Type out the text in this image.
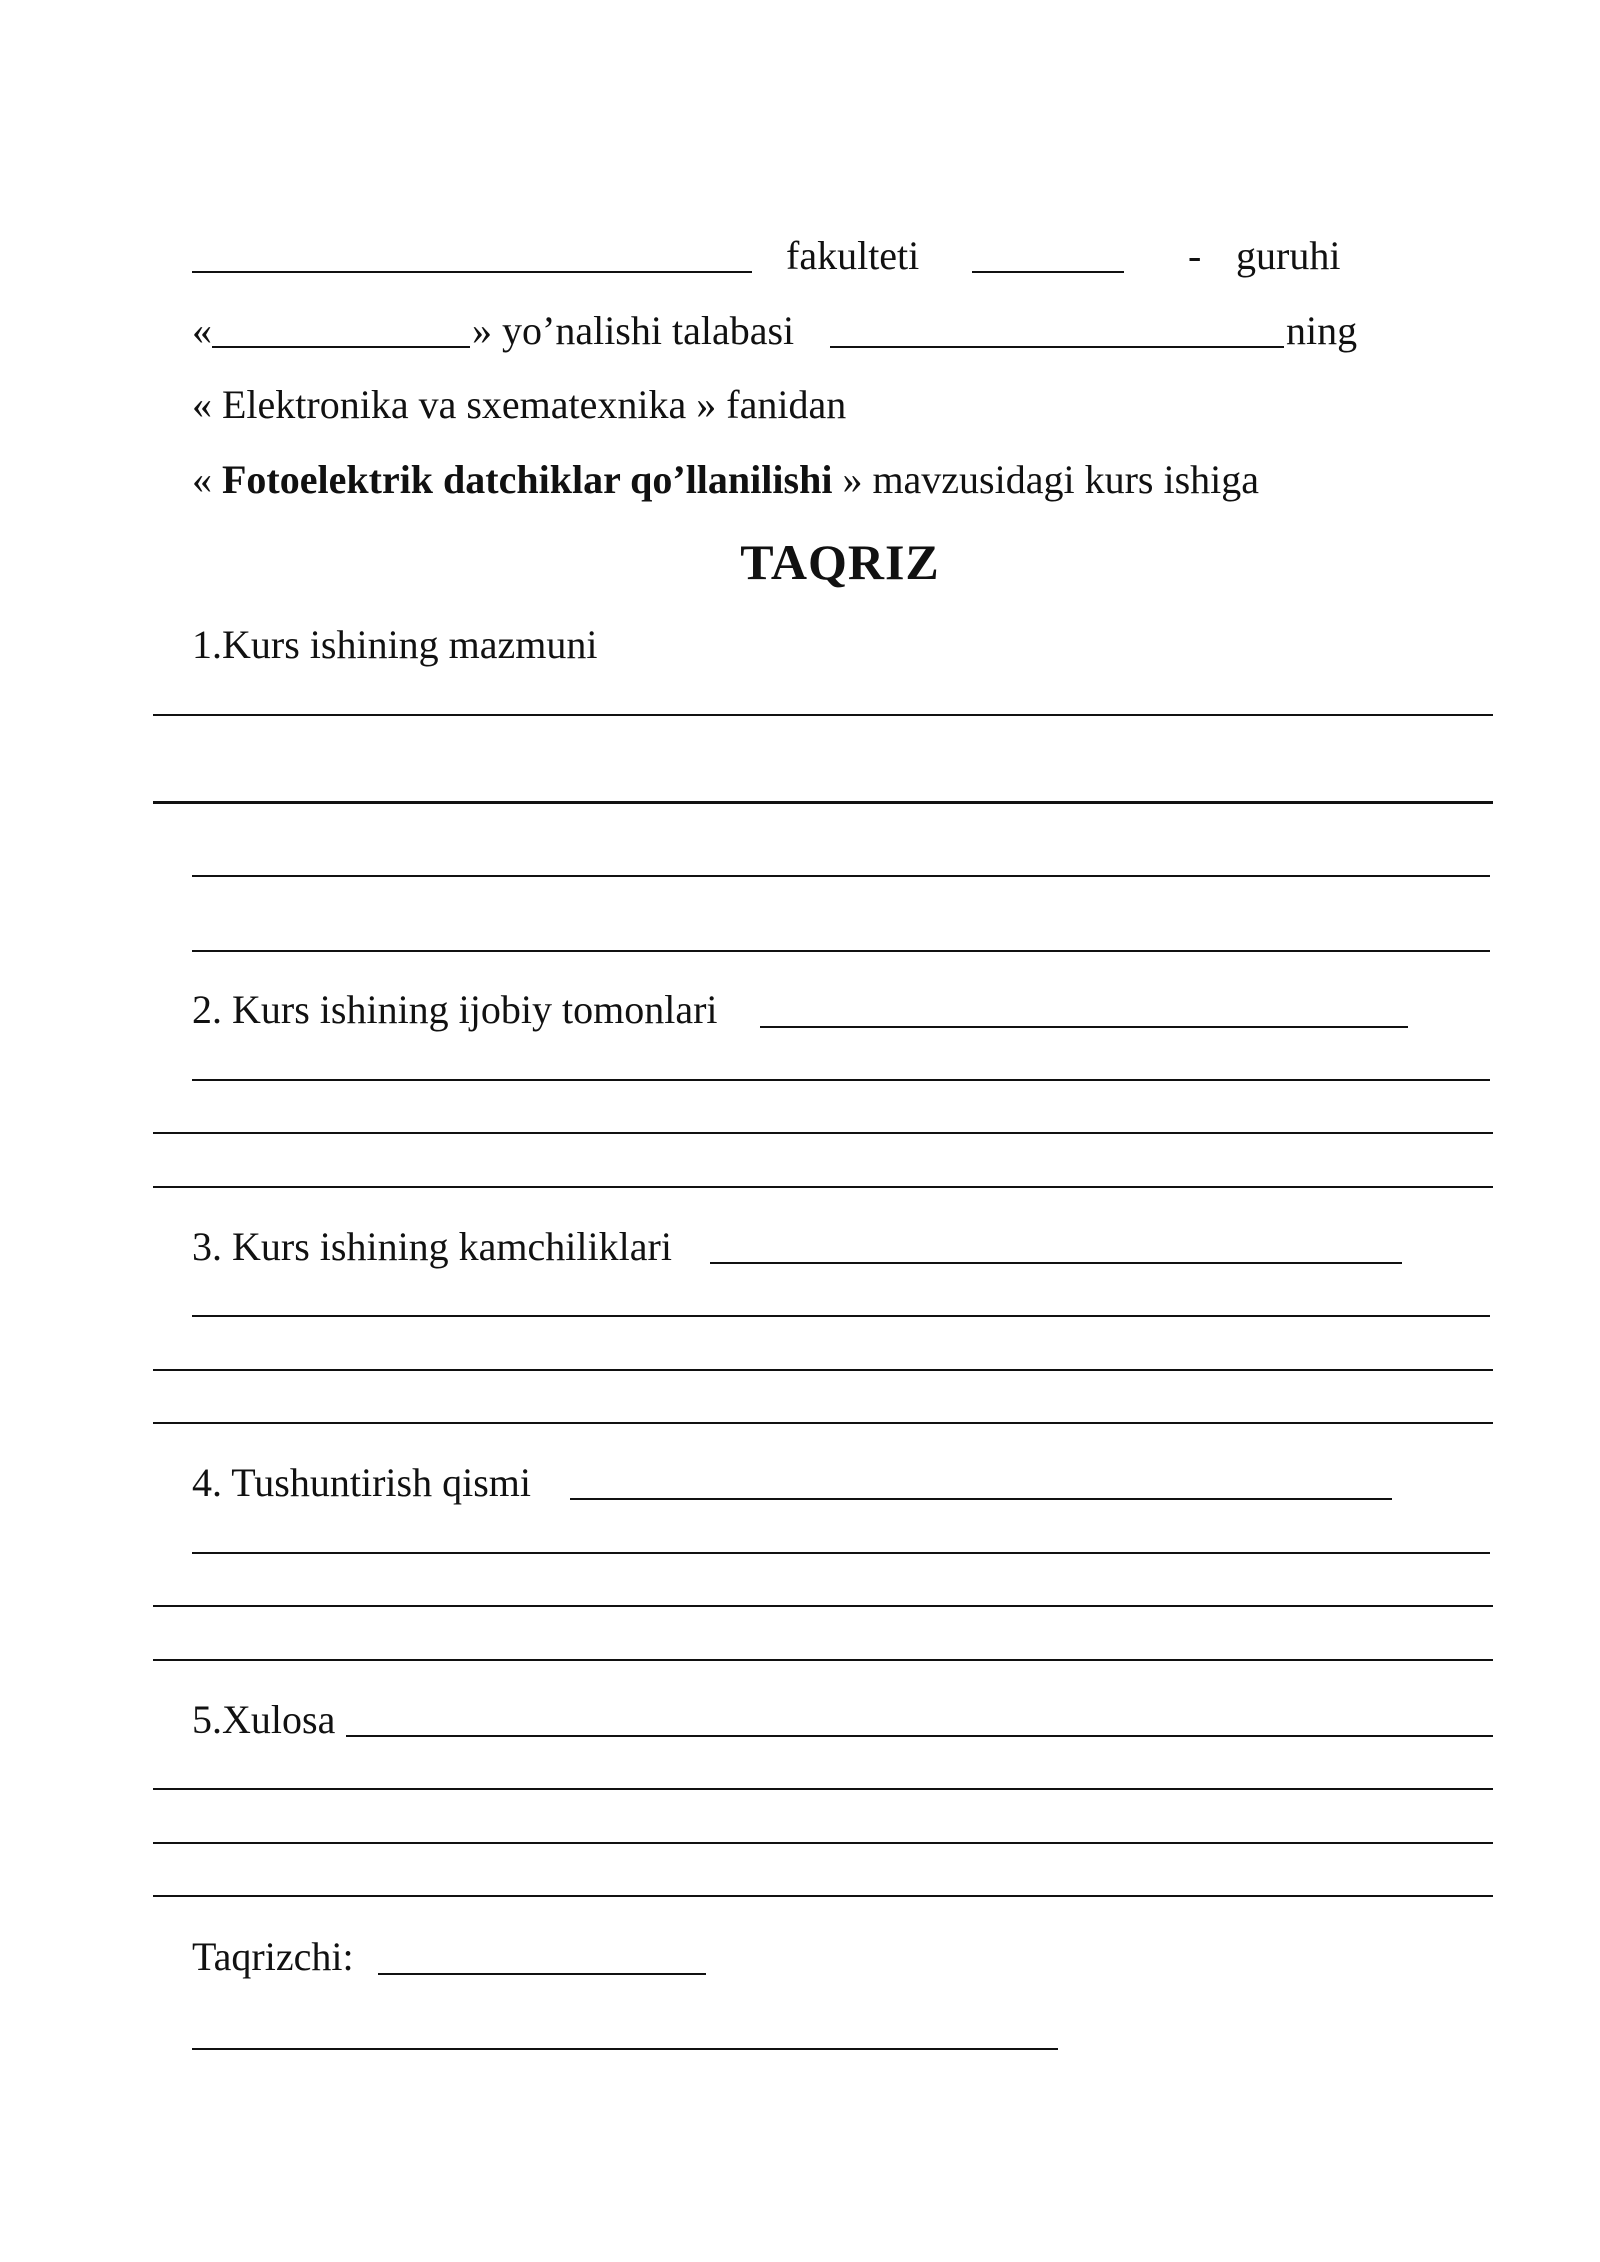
fakulteti	- guruhi
«	» yo’nalishi talabasi	ning
« Elektronika va sxematexnika » fanidan
« Fotoelektrik datchiklar qo’llanilishi » mavzusidagi kurs ishiga
TAQRIZ
1.Kurs ishining mazmuni
2. Kurs ishining ijobiy tomonlari
3. Kurs ishining kamchiliklari
4. Tushuntirish qismi
5.Xulosa
Taqrizchi:
